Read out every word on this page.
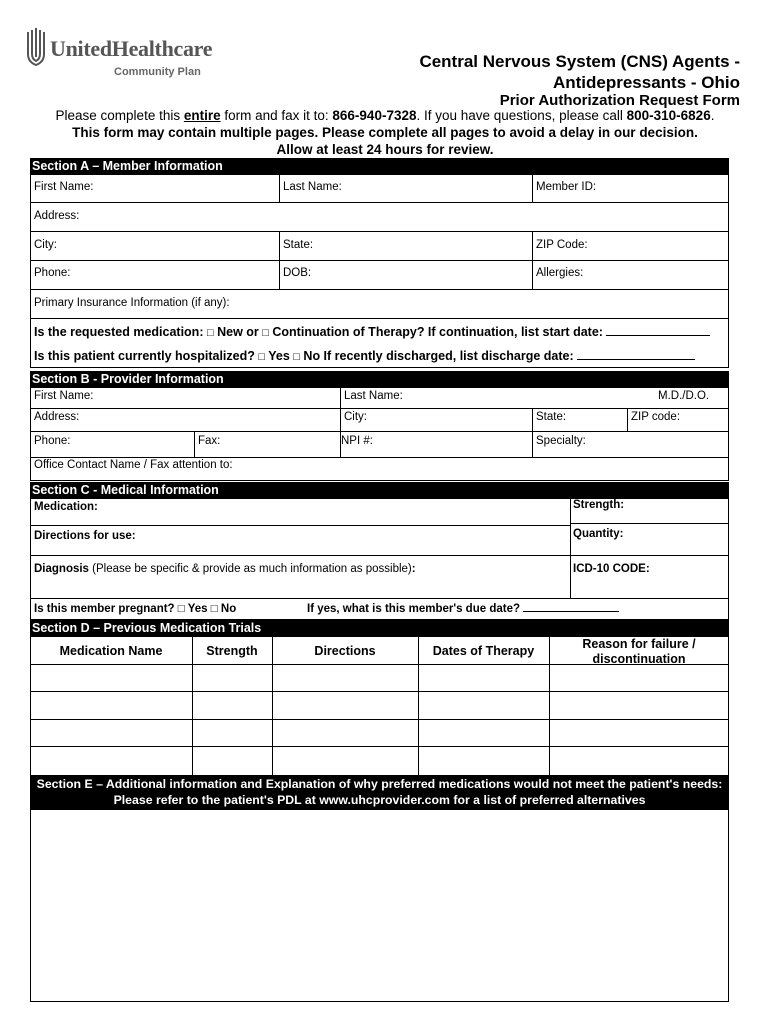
UnitedHealthcare
Community Plan
Central Nervous System (CNS) Agents -
Antidepressants - Ohio
Prior Authorization Request Form
Please complete this entire form and fax it to: 866-940-7328. If you have questions, please call 800-310-6826.
This form may contain multiple pages. Please complete all pages to avoid a delay in our decision.
Allow at least 24 hours for review.
Section A – Member Information
First Name:	Last Name:	Member ID:
Address:
City:	State:	ZIP Code:
Phone:	DOB:	Allergies:
Primary Insurance Information (if any):
Is the requested medication: □ New or □ Continuation of Therapy? If continuation, list start date:
Is this patient currently hospitalized? □ Yes □ No If recently discharged, list discharge date:
Section B - Provider Information
First Name:	Last Name:	M.D./D.O.
Address:	City:	State:	ZIP code:
Phone:	Fax:	NPI #:	Specialty:
Office Contact Name / Fax attention to:
Section C - Medical Information
Medication:	Strength:
Directions for use:	Quantity:
Diagnosis (Please be specific & provide as much information as possible):	ICD-10 CODE:
Is this member pregnant? □ Yes □ No	If yes, what is this member's due date?
Section D – Previous Medication Trials
Medication Name	Strength	Directions	Dates of Therapy	Reason for failure / discontinuation
Section E – Additional information and Explanation of why preferred medications would not meet the patient's needs:
Please refer to the patient's PDL at www.uhcprovider.com for a list of preferred alternatives
